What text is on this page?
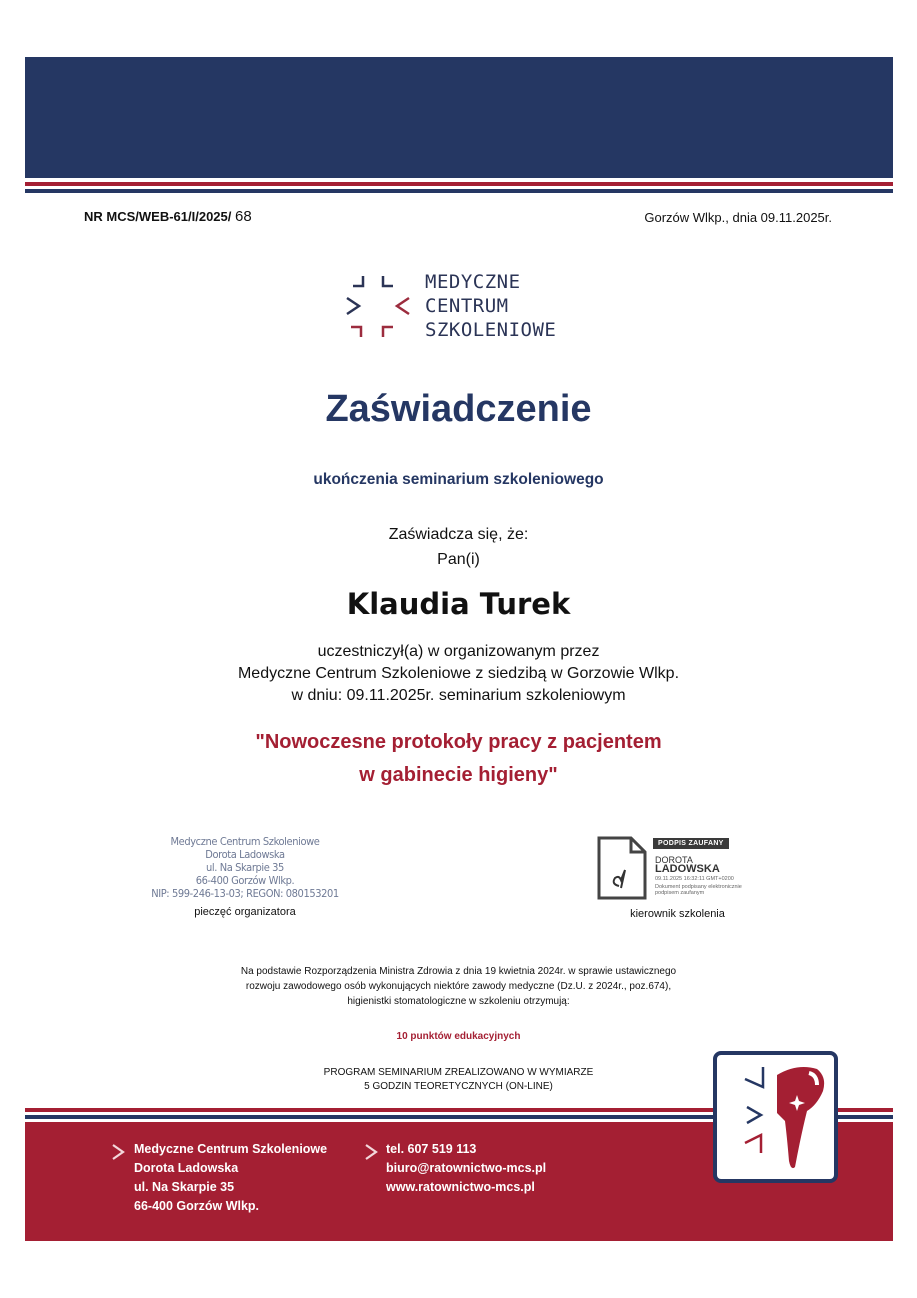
NR MCS/WEB-61/I/2025/ 68	Gorzów Wlkp., dnia 09.11.2025r.
MEDYCZNE
CENTRUM
SZKOLENIOWE
Zaświadczenie
ukończenia seminarium szkoleniowego
Zaświadcza się, że:
Pan(i)
Klaudia Turek
uczestniczył(a) w organizowanym przez
Medyczne Centrum Szkoleniowe z siedzibą w Gorzowie Wlkp.
w dniu: 09.11.2025r. seminarium szkoleniowym
"Nowoczesne protokoły pracy z pacjentem
w gabinecie higieny"
Medyczne Centrum Szkoleniowe
Dorota Ladowska
ul. Na Skarpie 35
66-400 Gorzów Wlkp.
NIP: 599-246-13-03; REGON: 080153201
pieczęć organizatora
PODPIS ZAUFANY
DOROTA
LADOWSKA
09.11.2025 16:32:11 GMT+0200
Dokument podpisany elektronicznie
podpisem zaufanym
kierownik szkolenia
Na podstawie Rozporządzenia Ministra Zdrowia z dnia 19 kwietnia 2024r. w sprawie ustawicznego
rozwoju zawodowego osób wykonujących niektóre zawody medyczne (Dz.U. z 2024r., poz.674),
higienistki stomatologiczne w szkoleniu otrzymują:
10 punktów edukacyjnych
PROGRAM SEMINARIUM ZREALIZOWANO W WYMIARZE
5 GODZIN TEORETYCZNYCH (ON-LINE)
Medyczne Centrum Szkoleniowe
Dorota Ladowska
ul. Na Skarpie 35
66-400 Gorzów Wlkp.
tel. 607 519 113
biuro@ratownictwo-mcs.pl
www.ratownictwo-mcs.pl
